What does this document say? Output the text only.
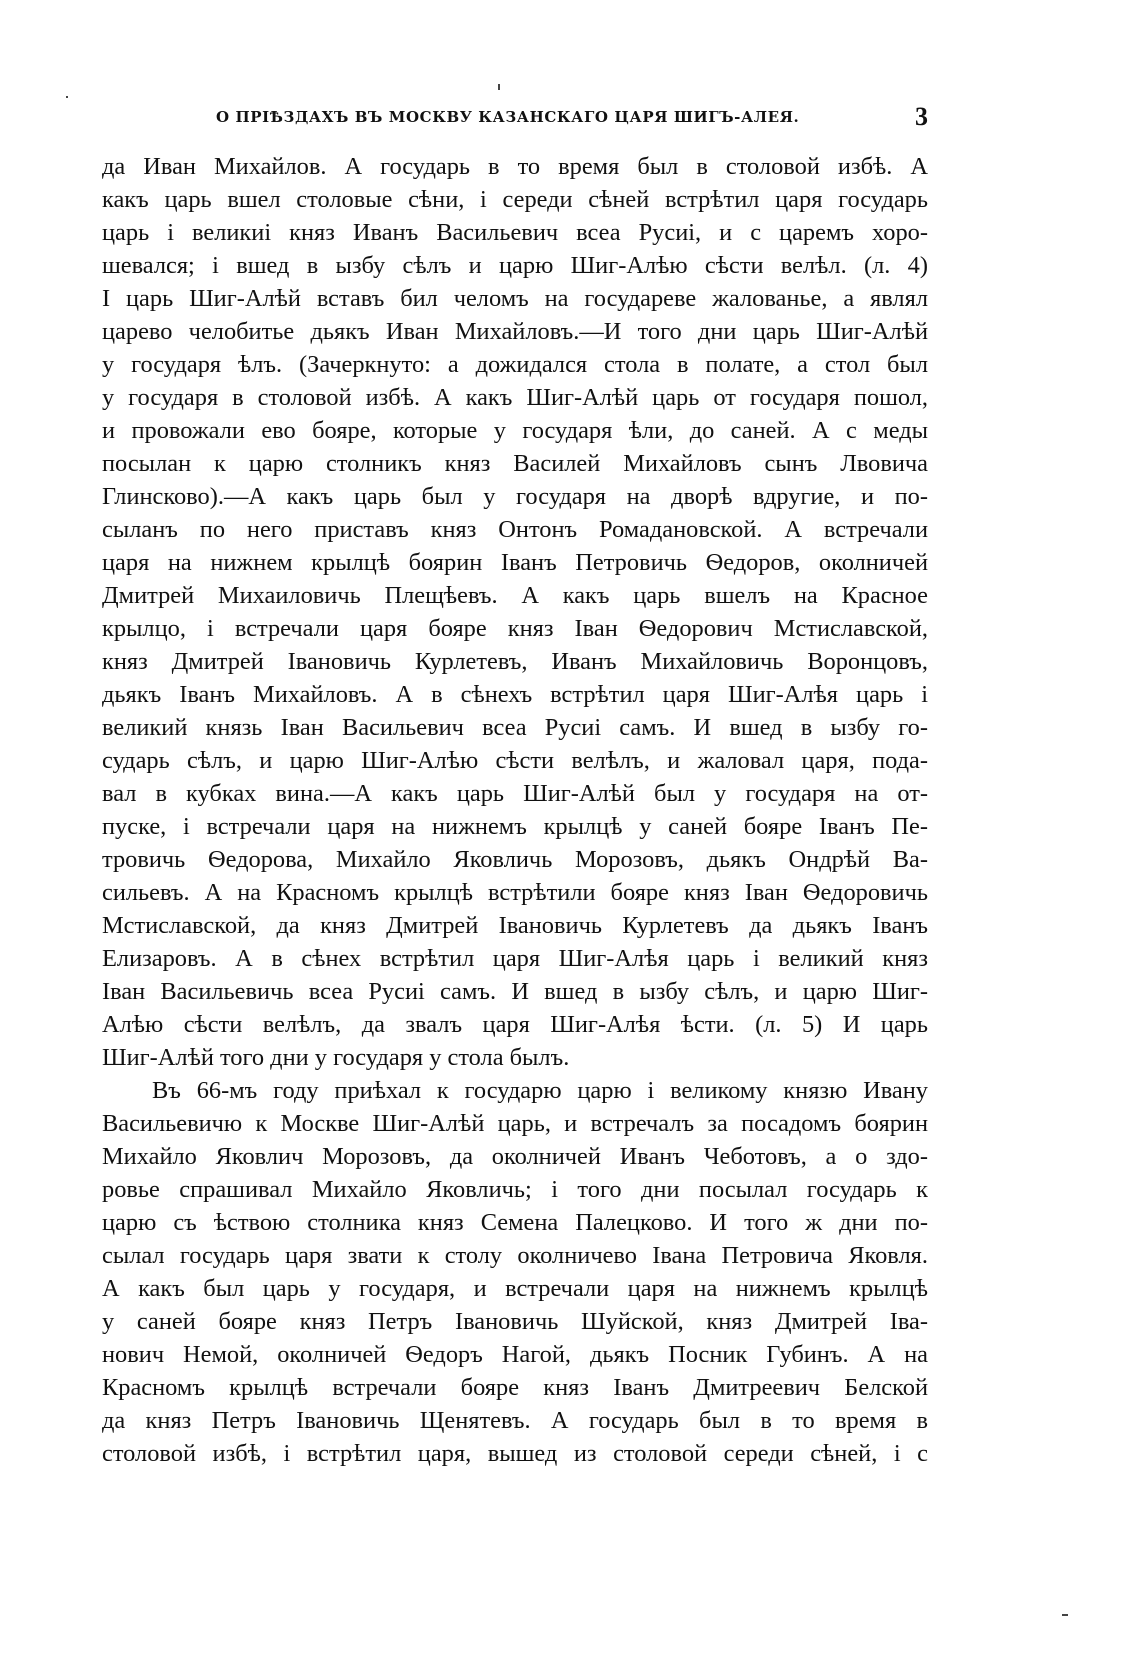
О ПРІѢЗДАХЪ ВЪ МОСКВУ КАЗАНСКАГО ЦАРЯ ШИГЪ-АЛЕЯ.	3
да Иван Михайлов. А государь в то время был в столовой избѣ. А
какъ царь вшел столовые сѣни, і середи сѣней встрѣтил царя государь
царь і великиі княз Иванъ Васильевич всеа Русиі, и с царемъ хоро-
шевался; і вшед в ызбу сѣлъ и царю Шиг-Алѣю сѣсти велѣл. (л. 4)
I царь Шиг-Алѣй вставъ бил челомъ на государеве жалованье, а являл
царево челобитье дьякъ Иван Михайловъ.—И того дни царь Шиг-Алѣй
у государя ѣлъ. (Зачеркнуто: а дожидался стола в полате, а стол был
у государя в столовой избѣ. А какъ Шиг-Алѣй царь от государя пошол,
и провожали ево бояре, которые у государя ѣли, до саней. А с меды
посылан к царю столникъ княз Василей Михайловъ сынъ Лвовича
Глинсково).—А какъ царь был у государя на дворѣ вдругие, и по-
сыланъ по него приставъ княз Онтонъ Ромадановской. А встречали
царя на нижнем крылцѣ боярин Іванъ Петровичь Ѳедоров, околничей
Дмитрей Михаиловичь Плещѣевъ. А какъ царь вшелъ на Красное
крылцо, і встречали царя бояре княз Іван Ѳедорович Мстиславской,
княз Дмитрей Івановичь Курлетевъ, Иванъ Михайловичь Воронцовъ,
дьякъ Іванъ Михайловъ. А в сѣнехъ встрѣтил царя Шиг-Алѣя царь і
великий князь Іван Васильевич всеа Русиі самъ. И вшед в ызбу го-
сударь сѣлъ, и царю Шиг-Алѣю сѣсти велѣлъ, и жаловал царя, пода-
вал в кубках вина.—А какъ царь Шиг-Алѣй был у государя на от-
пуске, і встречали царя на нижнемъ крылцѣ у саней бояре Іванъ Пе-
тровичь Ѳедорова, Михайло Яковличь Морозовъ, дьякъ Ондрѣй Ва-
сильевъ. А на Красномъ крылцѣ встрѣтили бояре княз Іван Ѳедоровичь
Мстиславской, да княз Дмитрей Івановичь Курлетевъ да дьякъ Іванъ
Елизаровъ. А в сѣнех встрѣтил царя Шиг-Алѣя царь і великий княз
Іван Васильевичь всеа Русиі самъ. И вшед в ызбу сѣлъ, и царю Шиг-
Алѣю сѣсти велѣлъ, да звалъ царя Шиг-Алѣя ѣсти. (л. 5) И царь
Шиг-Алѣй того дни у государя у стола былъ.
Въ 66-мъ году приѣхал к государю царю і великому князю Ивану
Васильевичю к Москве Шиг-Алѣй царь, и встречалъ за посадомъ боярин
Михайло Яковлич Морозовъ, да околничей Иванъ Чеботовъ, а о здо-
ровье спрашивал Михайло Яковличь; і того дни посылал государь к
царю съ ѣствою столника княз Семена Палецково. И того ж дни по-
сылал государь царя звати к столу околничево Івана Петровича Яковля.
А какъ был царь у государя, и встречали царя на нижнемъ крылцѣ
у саней бояре княз Петръ Івановичь Шуйской, княз Дмитрей Іва-
нович Немой, околничей Ѳедоръ Нагой, дьякъ Посник Губинъ. А на
Красномъ крылцѣ встречали бояре княз Іванъ Дмитреевич Белской
да княз Петръ Івановичь Щенятевъ. А государь был в то время в
столовой избѣ, і встрѣтил царя, вышед из столовой середи сѣней, і с
